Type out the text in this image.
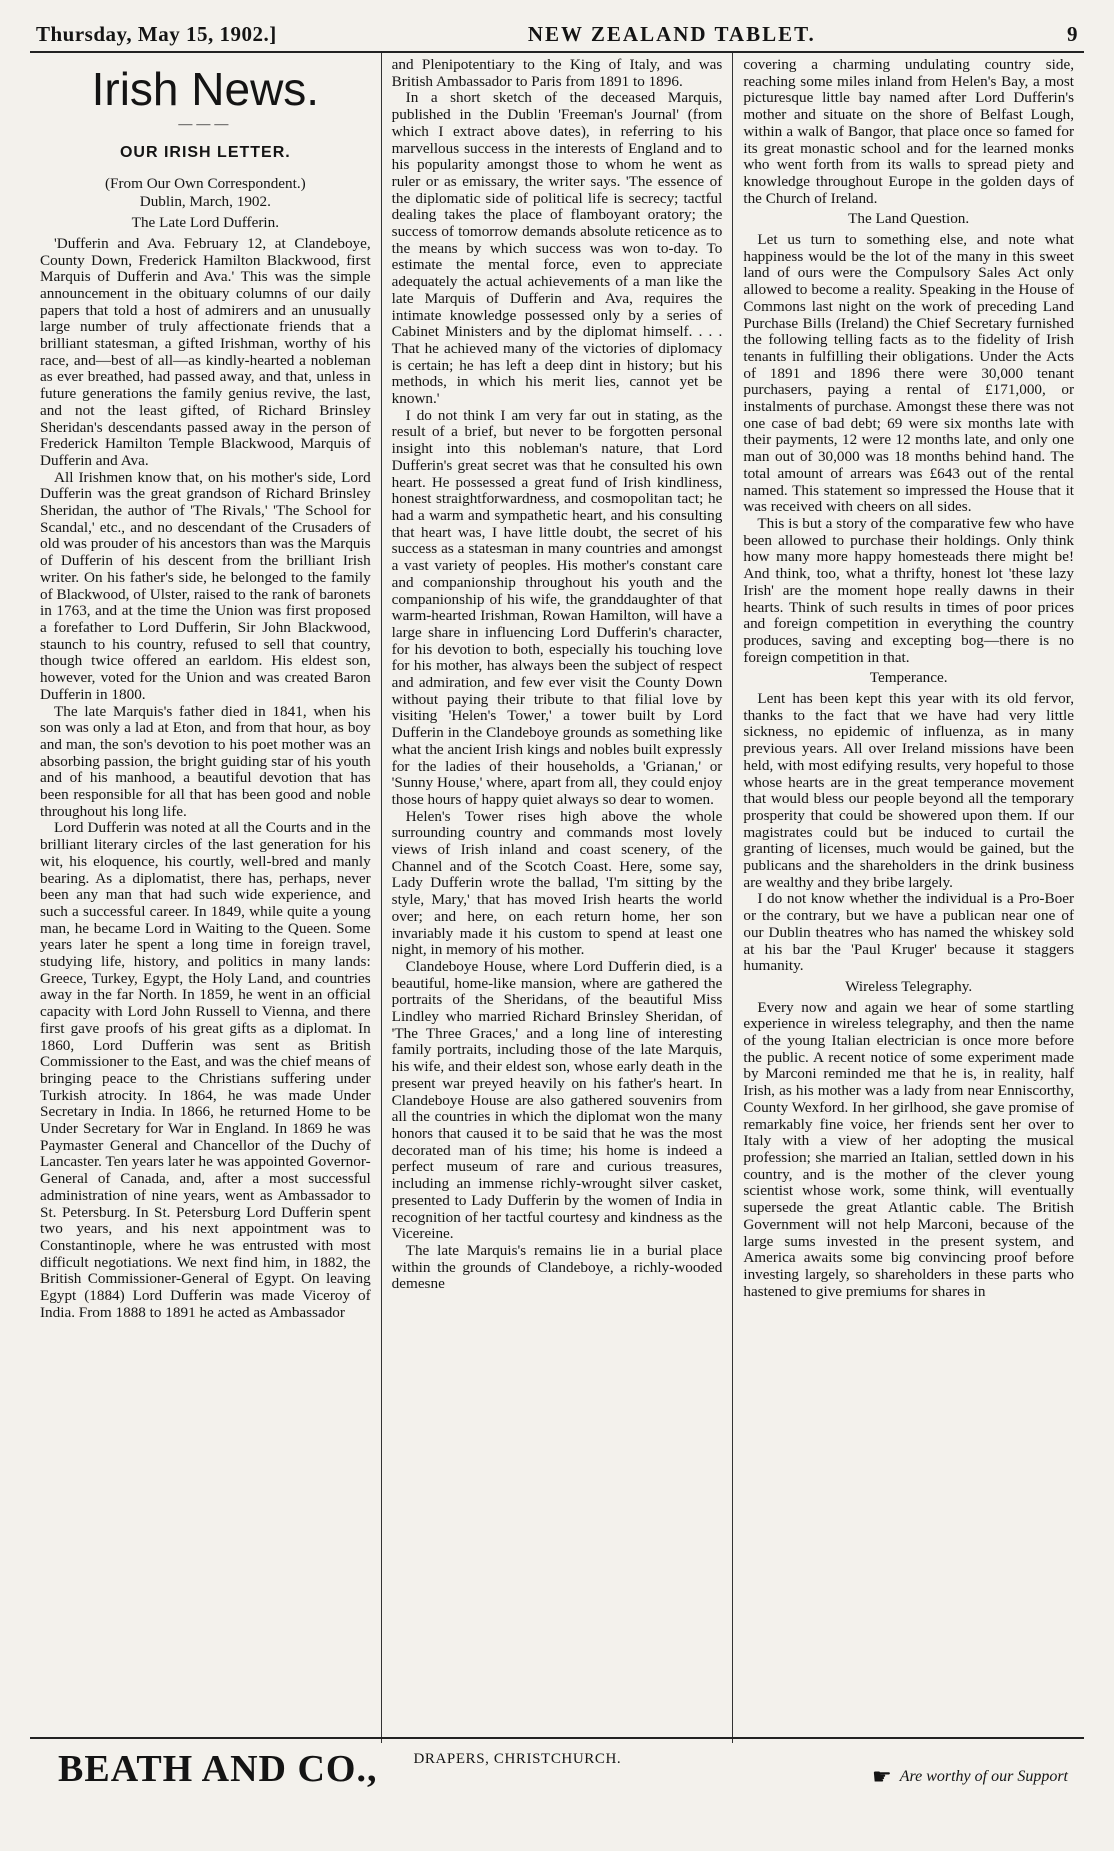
Thursday, May 15, 1902.]	NEW ZEALAND TABLET.	9
Irish News.
———
OUR IRISH LETTER.
(From Our Own Correspondent.)
Dublin, March, 1902.
The Late Lord Dufferin.

'Dufferin and Ava. February 12, at Clandeboye, County Down, Frederick Hamilton Blackwood, first Marquis of Dufferin and Ava.' This was the simple announcement in the obituary columns of our daily papers that told a host of admirers and an unusually large number of truly affectionate friends that a brilliant statesman, a gifted Irishman, worthy of his race, and—best of all—as kindly-hearted a nobleman as ever breathed, had passed away, and that, unless in future generations the family genius revive, the last, and not the least gifted, of Richard Brinsley Sheridan's descendants passed away in the person of Frederick Hamilton Temple Blackwood, Marquis of Dufferin and Ava.

All Irishmen know that, on his mother's side, Lord Dufferin was the great grandson of Richard Brinsley Sheridan, the author of 'The Rivals,' 'The School for Scandal,' etc., and no descendant of the Crusaders of old was prouder of his ancestors than was the Marquis of Dufferin of his descent from the brilliant Irish writer. On his father's side, he belonged to the family of Blackwood, of Ulster, raised to the rank of baronets in 1763, and at the time the Union was first proposed a forefather to Lord Dufferin, Sir John Blackwood, staunch to his country, refused to sell that country, though twice offered an earldom. His eldest son, however, voted for the Union and was created Baron Dufferin in 1800.

The late Marquis's father died in 1841, when his son was only a lad at Eton, and from that hour, as boy and man, the son's devotion to his poet mother was an absorbing passion, the bright guiding star of his youth and of his manhood, a beautiful devotion that has been responsible for all that has been good and noble throughout his long life.

Lord Dufferin was noted at all the Courts and in the brilliant literary circles of the last generation for his wit, his eloquence, his courtly, well-bred and manly bearing. As a diplomatist, there has, perhaps, never been any man that had such wide experience, and such a successful career. In 1849, while quite a young man, he became Lord in Waiting to the Queen. Some years later he spent a long time in foreign travel, studying life, history, and politics in many lands: Greece, Turkey, Egypt, the Holy Land, and countries away in the far North. In 1859, he went in an official capacity with Lord John Russell to Vienna, and there first gave proofs of his great gifts as a diplomat. In 1860, Lord Dufferin was sent as British Commissioner to the East, and was the chief means of bringing peace to the Christians suffering under Turkish atrocity. In 1864, he was made Under Secretary in India. In 1866, he returned Home to be Under Secretary for War in England. In 1869 he was Paymaster General and Chancellor of the Duchy of Lancaster. Ten years later he was appointed Governor-General of Canada, and, after a most successful administration of nine years, went as Ambassador to St. Petersburg. In St. Petersburg Lord Dufferin spent two years, and his next appointment was to Constantinople, where he was entrusted with most difficult negotiations. We next find him, in 1882, the British Commissioner-General of Egypt. On leaving Egypt (1884) Lord Dufferin was made Viceroy of India. From 1888 to 1891 he acted as Ambassador

and Plenipotentiary to the King of Italy, and was British Ambassador to Paris from 1891 to 1896.

In a short sketch of the deceased Marquis, published in the Dublin 'Freeman's Journal' (from which I extract above dates), in referring to his marvellous success in the interests of England and to his popularity amongst those to whom he went as ruler or as emissary, the writer says. 'The essence of the diplomatic side of political life is secrecy; tactful dealing takes the place of flamboyant oratory; the success of tomorrow demands absolute reticence as to the means by which success was won to-day. To estimate the mental force, even to appreciate adequately the actual achievements of a man like the late Marquis of Dufferin and Ava, requires the intimate knowledge possessed only by a series of Cabinet Ministers and by the diplomat himself. . . . That he achieved many of the victories of diplomacy is certain; he has left a deep dint in history; but his methods, in which his merit lies, cannot yet be known.'

I do not think I am very far out in stating, as the result of a brief, but never to be forgotten personal insight into this nobleman's nature, that Lord Dufferin's great secret was that he consulted his own heart. He possessed a great fund of Irish kindliness, honest straightforwardness, and cosmopolitan tact; he had a warm and sympathetic heart, and his consulting that heart was, I have little doubt, the secret of his success as a statesman in many countries and amongst a vast variety of peoples. His mother's constant care and companionship throughout his youth and the companionship of his wife, the granddaughter of that warm-hearted Irishman, Rowan Hamilton, will have a large share in influencing Lord Dufferin's character, for his devotion to both, especially his touching love for his mother, has always been the subject of respect and admiration, and few ever visit the County Down without paying their tribute to that filial love by visiting 'Helen's Tower,' a tower built by Lord Dufferin in the Clandeboye grounds as something like what the ancient Irish kings and nobles built expressly for the ladies of their households, a 'Grianan,' or 'Sunny House,' where, apart from all, they could enjoy those hours of happy quiet always so dear to women.

Helen's Tower rises high above the whole surrounding country and commands most lovely views of Irish inland and coast scenery, of the Channel and of the Scotch Coast. Here, some say, Lady Dufferin wrote the ballad, 'I'm sitting by the style, Mary,' that has moved Irish hearts the world over; and here, on each return home, her son invariably made it his custom to spend at least one night, in memory of his mother.

Clandeboye House, where Lord Dufferin died, is a beautiful, home-like mansion, where are gathered the portraits of the Sheridans, of the beautiful Miss Lindley who married Richard Brinsley Sheridan, of 'The Three Graces,' and a long line of interesting family portraits, including those of the late Marquis, his wife, and their eldest son, whose early death in the present war preyed heavily on his father's heart. In Clandeboye House are also gathered souvenirs from all the countries in which the diplomat won the many honors that caused it to be said that he was the most decorated man of his time; his home is indeed a perfect museum of rare and curious treasures, including an immense richly-wrought silver casket, presented to Lady Dufferin by the women of India in recognition of her tactful courtesy and kindness as the Vicereine.

The late Marquis's remains lie in a burial place within the grounds of Clandeboye, a richly-wooded demesne

covering a charming undulating country side, reaching some miles inland from Helen's Bay, a most picturesque little bay named after Lord Dufferin's mother and situate on the shore of Belfast Lough, within a walk of Bangor, that place once so famed for its great monastic school and for the learned monks who went forth from its walls to spread piety and knowledge throughout Europe in the golden days of the Church of Ireland.

The Land Question.

Let us turn to something else, and note what happiness would be the lot of the many in this sweet land of ours were the Compulsory Sales Act only allowed to become a reality. Speaking in the House of Commons last night on the work of preceding Land Purchase Bills (Ireland) the Chief Secretary furnished the following telling facts as to the fidelity of Irish tenants in fulfilling their obligations. Under the Acts of 1891 and 1896 there were 30,000 tenant purchasers, paying a rental of £171,000, or instalments of purchase. Amongst these there was not one case of bad debt; 69 were six months late with their payments, 12 were 12 months late, and only one man out of 30,000 was 18 months behind hand. The total amount of arrears was £643 out of the rental named. This statement so impressed the House that it was received with cheers on all sides.

This is but a story of the comparative few who have been allowed to purchase their holdings. Only think how many more happy homesteads there might be! And think, too, what a thrifty, honest lot 'these lazy Irish' are the moment hope really dawns in their hearts. Think of such results in times of poor prices and foreign competition in everything the country produces, saving and excepting bog—there is no foreign competition in that.

Temperance.

Lent has been kept this year with its old fervor, thanks to the fact that we have had very little sickness, no epidemic of influenza, as in many previous years. All over Ireland missions have been held, with most edifying results, very hopeful to those whose hearts are in the great temperance movement that would bless our people beyond all the temporary prosperity that could be showered upon them. If our magistrates could but be induced to curtail the granting of licenses, much would be gained, but the publicans and the shareholders in the drink business are wealthy and they bribe largely.

I do not know whether the individual is a Pro-Boer or the contrary, but we have a publican near one of our Dublin theatres who has named the whiskey sold at his bar the 'Paul Kruger' because it staggers humanity.

Wireless Telegraphy.

Every now and again we hear of some startling experience in wireless telegraphy, and then the name of the young Italian electrician is once more before the public. A recent notice of some experiment made by Marconi reminded me that he is, in reality, half Irish, as his mother was a lady from near Enniscorthy, County Wexford. In her girlhood, she gave promise of remarkably fine voice, her friends sent her over to Italy with a view of her adopting the musical profession; she married an Italian, settled down in his country, and is the mother of the clever young scientist whose work, some think, will eventually supersede the great Atlantic cable. The British Government will not help Marconi, because of the large sums invested in the present system, and America awaits some big convincing proof before investing largely, so shareholders in these parts who hastened to give premiums for shares in

BEATH AND CO., DRAPERS, CHRISTCHURCH.
☛ Are worthy of our Support
